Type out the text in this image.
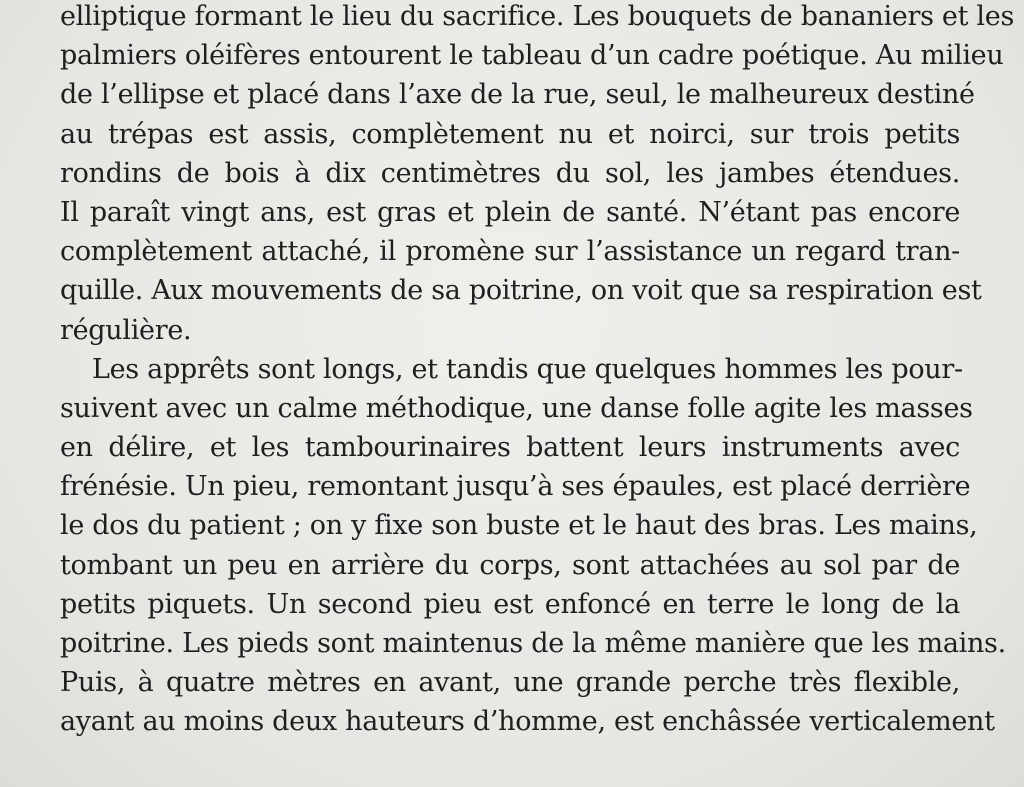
elliptique formant le lieu du sacrifice. Les bouquets de bananiers et les
palmiers oléifères entourent le tableau d’un cadre poétique. Au milieu
de l’ellipse et placé dans l’axe de la rue, seul, le malheureux destiné
au trépas est assis, complètement nu et noirci, sur trois petits
rondins de bois à dix centimètres du sol, les jambes étendues.
Il paraît vingt ans, est gras et plein de santé. N’étant pas encore
complètement attaché, il promène sur l’assistance un regard tran-
quille. Aux mouvements de sa poitrine, on voit que sa respiration est
régulière.
Les apprêts sont longs, et tandis que quelques hommes les pour-
suivent avec un calme méthodique, une danse folle agite les masses
en délire, et les tambourinaires battent leurs instruments avec
frénésie. Un pieu, remontant jusqu’à ses épaules, est placé derrière
le dos du patient ; on y fixe son buste et le haut des bras. Les mains,
tombant un peu en arrière du corps, sont attachées au sol par de
petits piquets. Un second pieu est enfoncé en terre le long de la
poitrine. Les pieds sont maintenus de la même manière que les mains.
Puis, à quatre mètres en avant, une grande perche très flexible,
ayant au moins deux hauteurs d’homme, est enchâssée verticalement
